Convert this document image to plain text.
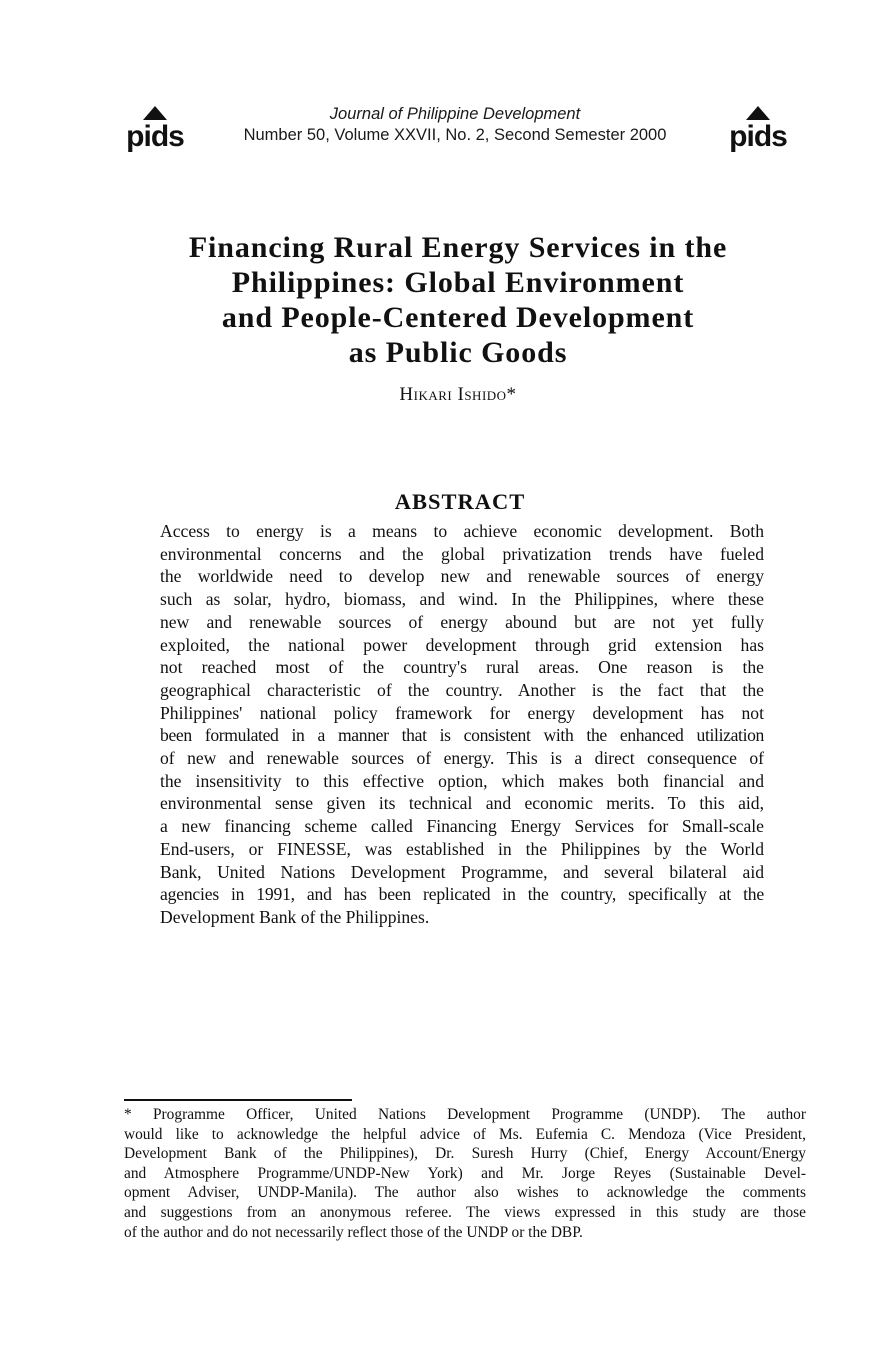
pids
Journal of Philippine Development
Number 50, Volume XXVII, No. 2, Second Semester 2000	pids
Financing Rural Energy Services in the
Philippines: Global Environment
and People-Centered Development
as Public Goods
Hikari Ishido*
ABSTRACT
Access to energy is a means to achieve economic development. Both
environmental concerns and the global privatization trends have fueled
the worldwide need to develop new and renewable sources of energy
such as solar, hydro, biomass, and wind. In the Philippines, where these
new and renewable sources of energy abound but are not yet fully
exploited, the national power development through grid extension has
not reached most of the country's rural areas. One reason is the
geographical characteristic of the country. Another is the fact that the
Philippines' national policy framework for energy development has not
been formulated in a manner that is consistent with the enhanced utilization
of new and renewable sources of energy. This is a direct consequence of
the insensitivity to this effective option, which makes both financial and
environmental sense given its technical and economic merits. To this aid,
a new financing scheme called Financing Energy Services for Small-scale
End-users, or FINESSE, was established in the Philippines by the World
Bank, United Nations Development Programme, and several bilateral aid
agencies in 1991, and has been replicated in the country, specifically at the
Development Bank of the Philippines.
* Programme Officer, United Nations Development Programme (UNDP). The author
would like to acknowledge the helpful advice of Ms. Eufemia C. Mendoza (Vice President,
Development Bank of the Philippines), Dr. Suresh Hurry (Chief, Energy Account/Energy
and Atmosphere Programme/UNDP-New York) and Mr. Jorge Reyes (Sustainable Devel-
opment Adviser, UNDP-Manila). The author also wishes to acknowledge the comments
and suggestions from an anonymous referee. The views expressed in this study are those
of the author and do not necessarily reflect those of the UNDP or the DBP.
